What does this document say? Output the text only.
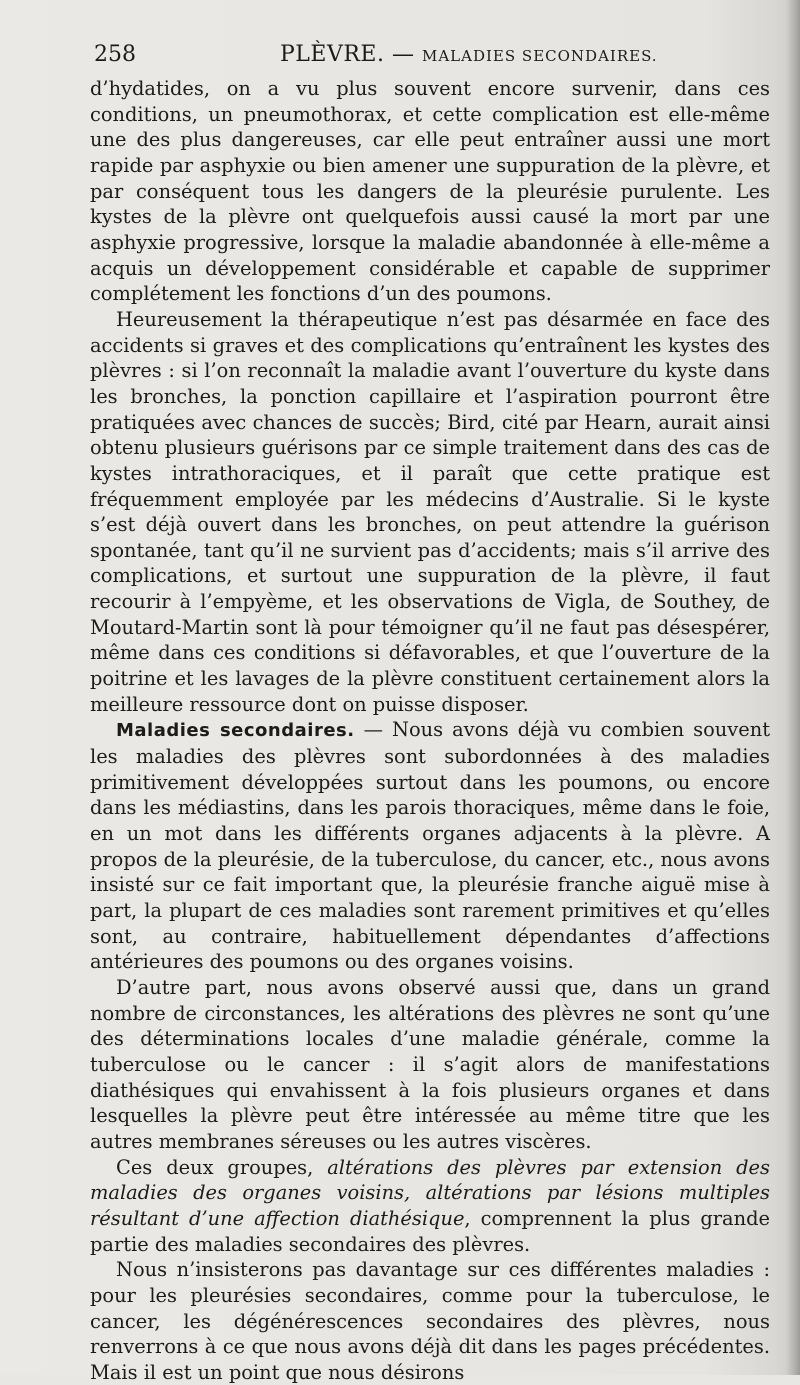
258	PLÈVRE. — MALADIES SECONDAIRES.

d’hydatides, on a vu plus souvent encore survenir, dans ces conditions, un pneumothorax, et cette complication est elle-même une des plus dangereuses, car elle peut entraîner aussi une mort rapide par asphyxie ou bien amener une suppuration de la plèvre, et par conséquent tous les dangers de la pleurésie purulente. Les kystes de la plèvre ont quelquefois aussi causé la mort par une asphyxie progressive, lorsque la maladie abandonnée à elle-même a acquis un développement considérable et capable de supprimer complétement les fonctions d’un des poumons.

Heureusement la thérapeutique n’est pas désarmée en face des accidents si graves et des complications qu’entraînent les kystes des plèvres : si l’on reconnaît la maladie avant l’ouverture du kyste dans les bronches, la ponction capillaire et l’aspiration pourront être pratiquées avec chances de succès; Bird, cité par Hearn, aurait ainsi obtenu plusieurs guérisons par ce simple traitement dans des cas de kystes intrathoraciques, et il paraît que cette pratique est fréquemment employée par les médecins d’Australie. Si le kyste s’est déjà ouvert dans les bronches, on peut attendre la guérison spontanée, tant qu’il ne survient pas d’accidents; mais s’il arrive des complications, et surtout une suppuration de la plèvre, il faut recourir à l’empyème, et les observations de Vigla, de Southey, de Moutard-Martin sont là pour témoigner qu’il ne faut pas désespérer, même dans ces conditions si défavorables, et que l’ouverture de la poitrine et les lavages de la plèvre constituent certainement alors la meilleure ressource dont on puisse disposer.

Maladies secondaires. — Nous avons déjà vu combien souvent les maladies des plèvres sont subordonnées à des maladies primitivement développées surtout dans les poumons, ou encore dans les médiastins, dans les parois thoraciques, même dans le foie, en un mot dans les différents organes adjacents à la plèvre. A propos de la pleurésie, de la tuberculose, du cancer, etc., nous avons insisté sur ce fait important que, la pleurésie franche aiguë mise à part, la plupart de ces maladies sont rarement primitives et qu’elles sont, au contraire, habituellement dépendantes d’affections antérieures des poumons ou des organes voisins.

D’autre part, nous avons observé aussi que, dans un grand nombre de circonstances, les altérations des plèvres ne sont qu’une des déterminations locales d’une maladie générale, comme la tuberculose ou le cancer : il s’agit alors de manifestations diathésiques qui envahissent à la fois plusieurs organes et dans lesquelles la plèvre peut être intéressée au même titre que les autres membranes séreuses ou les autres viscères.

Ces deux groupes, altérations des plèvres par extension des maladies des organes voisins, altérations par lésions multiples résultant d’une affection diathésique, comprennent la plus grande partie des maladies secondaires des plèvres.

Nous n’insisterons pas davantage sur ces différentes maladies : pour les pleurésies secondaires, comme pour la tuberculose, le cancer, les dégénérescences secondaires des plèvres, nous renverrons à ce que nous avons déjà dit dans les pages précédentes. Mais il est un point que nous désirons
